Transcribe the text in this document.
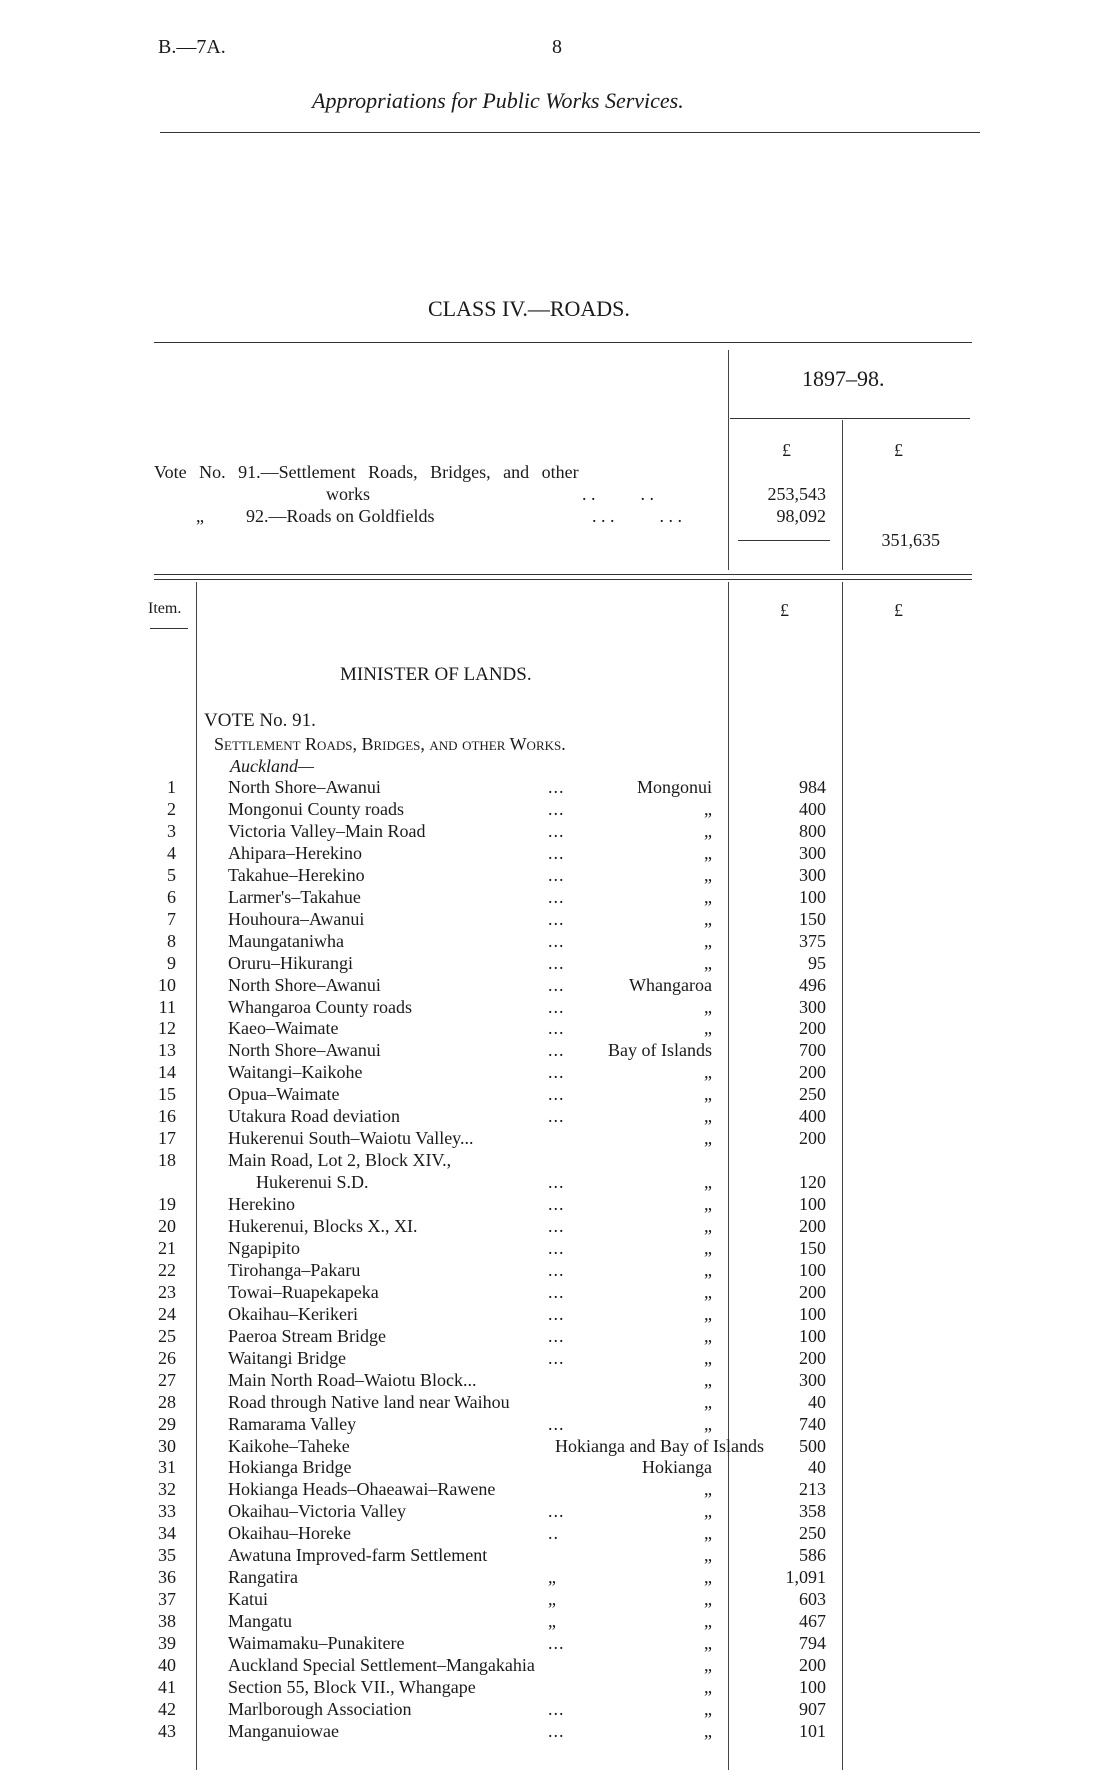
B.—7A.	8
Appropriations for Public Works Services.
CLASS IV.—ROADS.
1897–98.
£	£
Vote No. 91.—Settlement Roads, Bridges, and other
works	. .          . .	253,543
„ 92.—Roads on Goldfields	. . .          . . .	98,092
351,635
Item.	£	£
MINISTER OF LANDS.
VOTE No. 91.
Settlement Roads, Bridges, and other Works.
Auckland—
1	North Shore–Awanui	...	Mongonui	984
2	Mongonui County roads	...	„	400
3	Victoria Valley–Main Road	...	„	800
4	Ahipara–Herekino	...	„	300
5	Takahue–Herekino	...	„	300
6	Larmer's–Takahue	...	„	100
7	Houhoura–Awanui	...	„	150
8	Maungataniwha	...	„	375
9	Oruru–Hikurangi	...	„	95
10	North Shore–Awanui	...	Whangaroa	496
11	Whangaroa County roads	...	„	300
12	Kaeo–Waimate	...	„	200
13	North Shore–Awanui	...	Bay of Islands	700
14	Waitangi–Kaikohe	...	„	200
15	Opua–Waimate	...	„	250
16	Utakura Road deviation	...	„	400
17	Hukerenui South–Waiotu Valley...	„	200
18	Main Road, Lot 2, Block XIV.,
Hukerenui S.D.	...	„	120
19	Herekino	...	„	100
20	Hukerenui, Blocks X., XI.	...	„	200
21	Ngapipito	...	„	150
22	Tirohanga–Pakaru	...	„	100
23	Towai–Ruapekapeka	...	„	200
24	Okaihau–Kerikeri	...	„	100
25	Paeroa Stream Bridge	...	„	100
26	Waitangi Bridge	...	„	200
27	Main North Road–Waiotu Block...	„	300
28	Road through Native land near Waihou	„	40
29	Ramarama Valley	...	„	740
30	Kaikohe–Taheke	Hokianga and Bay of Islands	500
31	Hokianga Bridge	Hokianga	40
32	Hokianga Heads–Ohaeawai–Rawene	„	213
33	Okaihau–Victoria Valley	...	„	358
34	Okaihau–Horeke	..	„	250
35	Awatuna Improved-farm Settlement	„	586
36	Rangatira	„	„	1,091
37	Katui	„	„	603
38	Mangatu	„	„	467
39	Waimamaku–Punakitere	...	„	794
40	Auckland Special Settlement–Mangakahia	„	200
41	Section 55, Block VII., Whangape	„	100
42	Marlborough Association	...	„	907
43	Manganuiowae	...	„	101
